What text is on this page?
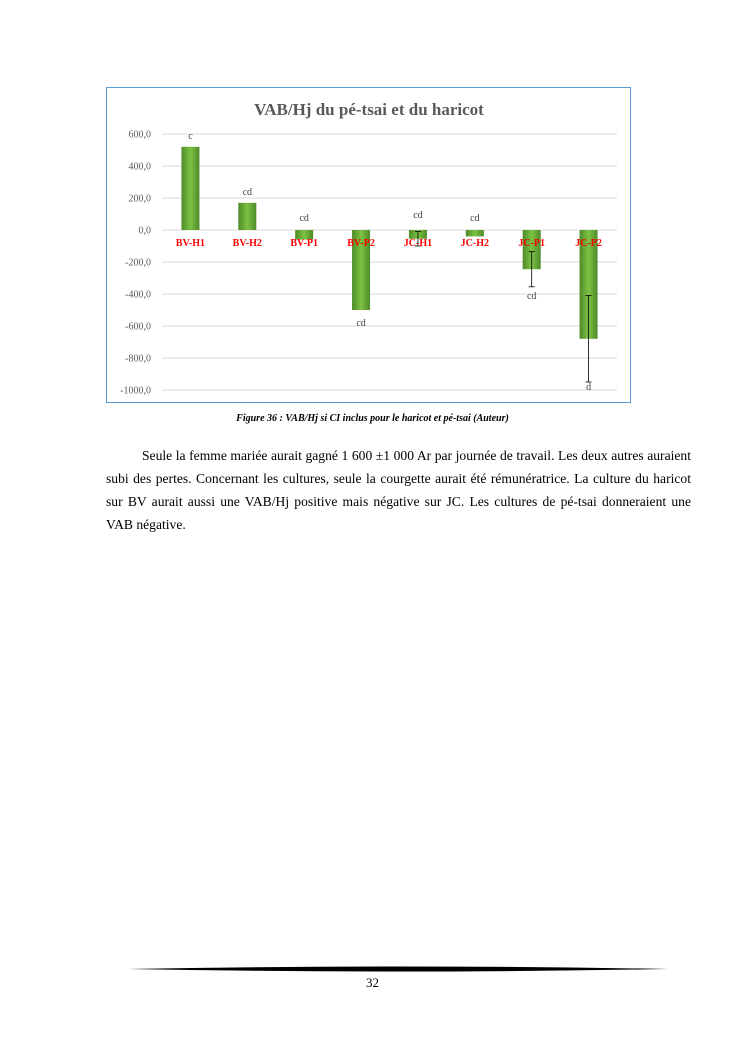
VAB/Hj du pé-tsai et du haricot
600,0
400,0
200,0
0,0
-200,0
-400,0
-600,0
-800,0
-1000,0
BV-H1
c
BV-H2
cd
BV-P1
cd
BV-P2
cd
JC-H1
cd
JC-H2
cd
JC-P1
cd
JC-P2
d
Figure 36 : VAB/Hj si CI inclus pour le haricot et pé-tsai (Auteur)

Seule la femme mariée aurait gagné 1 600 ±1 000 Ar par journée de travail. Les deux autres auraient subi des pertes. Concernant les cultures, seule la courgette aurait été rémunératrice. La culture du haricot sur BV aurait aussi une VAB/Hj positive mais négative sur JC. Les cultures de pé-tsai donneraient une VAB négative.

32
